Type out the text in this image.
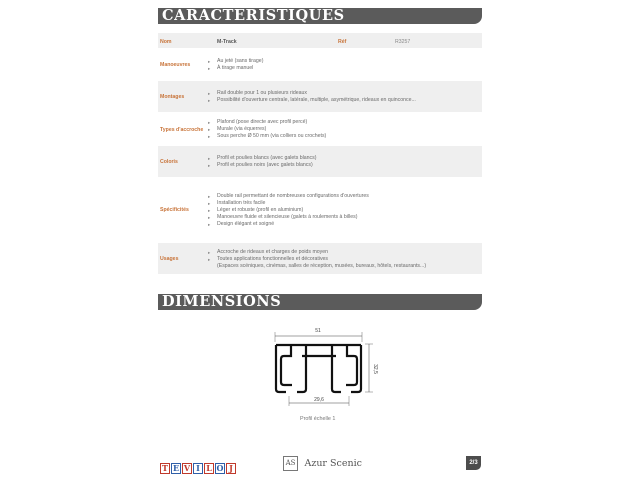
CARACTÉRISTIQUES
Nom	M-Track	Réf	R3257
Manoeuvres
▸ Au jeté (sans tirage)
▸ À tirage manuel
Montages
▸ Rail double pour 1 ou plusieurs rideaux
▸ Possibilité d'ouverture centrale, latérale, multiple, asymétrique, rideaux en quinconce...
Types d'accroche
▸ Plafond (pose directe avec profil percé)
▸ Murale (via équerres)
▸ Sous perche Ø 50 mm (via colliers ou crochets)
Coloris
▸ Profil et poulies blancs (avec galets blancs)
▸ Profil et poulies noirs (avec galets blancs)
Spécificités
▸ Double rail permettant de nombreuses configurations d'ouvertures
▸ Installation très facile
▸ Léger et robuste (profil en aluminium)
▸ Manoeuvre fluide et silencieuse (galets à roulements à billes)
▸ Design élégant et soigné
Usages
▸ Accroche de rideaux et charges de poids moyen
▸ Toutes applications fonctionnelles et décoratives
(Espaces scéniques, cinémas, salles de réception, musées, bureaux, hôtels, restaurants...)
DIMENSIONS
51
32,5
29,6
Profil échelle 1
T E V I L O J	AS Azur Scenic	2/3
